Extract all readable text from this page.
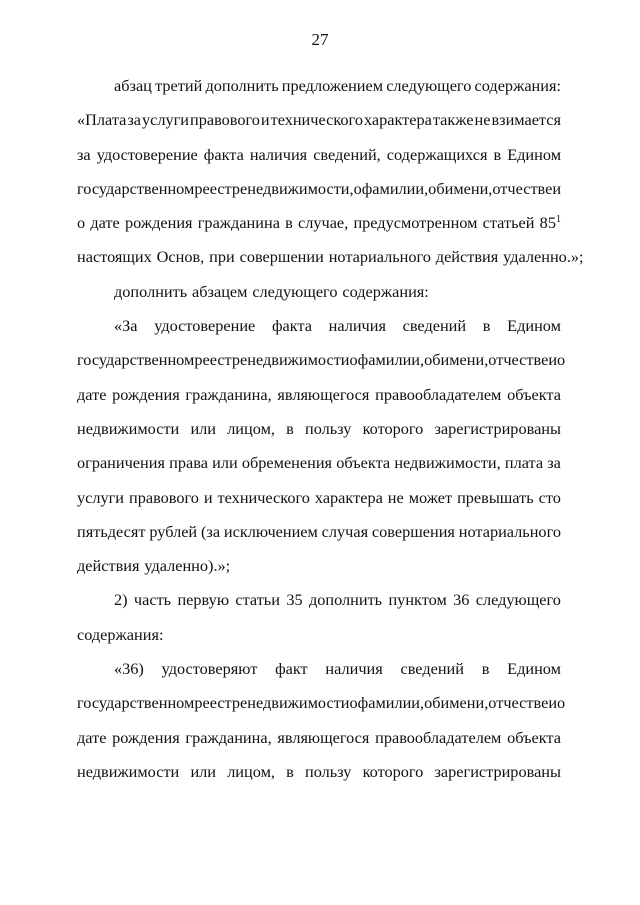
27
абзац третий дополнить предложением следующего содержания:
«Плата за услуги правового и технического характера также не взимается
за удостоверение факта наличия сведений, содержащихся в Едином
государственном реестре недвижимости, о фамилии, об имени, отчестве и
о дате рождения гражданина в случае, предусмотренном статьей $85^1$
настоящих Основ, при совершении нотариального действия удаленно.»;
дополнить абзацем следующего содержания:
«За удостоверение факта наличия сведений в Едином
государственном реестре недвижимости о фамилии, об имени, отчестве и о
дате рождения гражданина, являющегося правообладателем объекта
недвижимости или лицом, в пользу которого зарегистрированы
ограничения права или обременения объекта недвижимости, плата за
услуги правового и технического характера не может превышать сто
пятьдесят рублей (за исключением случая совершения нотариального
действия удаленно).»;
2) часть первую статьи 35 дополнить пунктом 36 следующего
содержания:
«36) удостоверяют факт наличия сведений в Едином
государственном реестре недвижимости о фамилии, об имени, отчестве и о
дате рождения гражданина, являющегося правообладателем объекта
недвижимости или лицом, в пользу которого зарегистрированы
